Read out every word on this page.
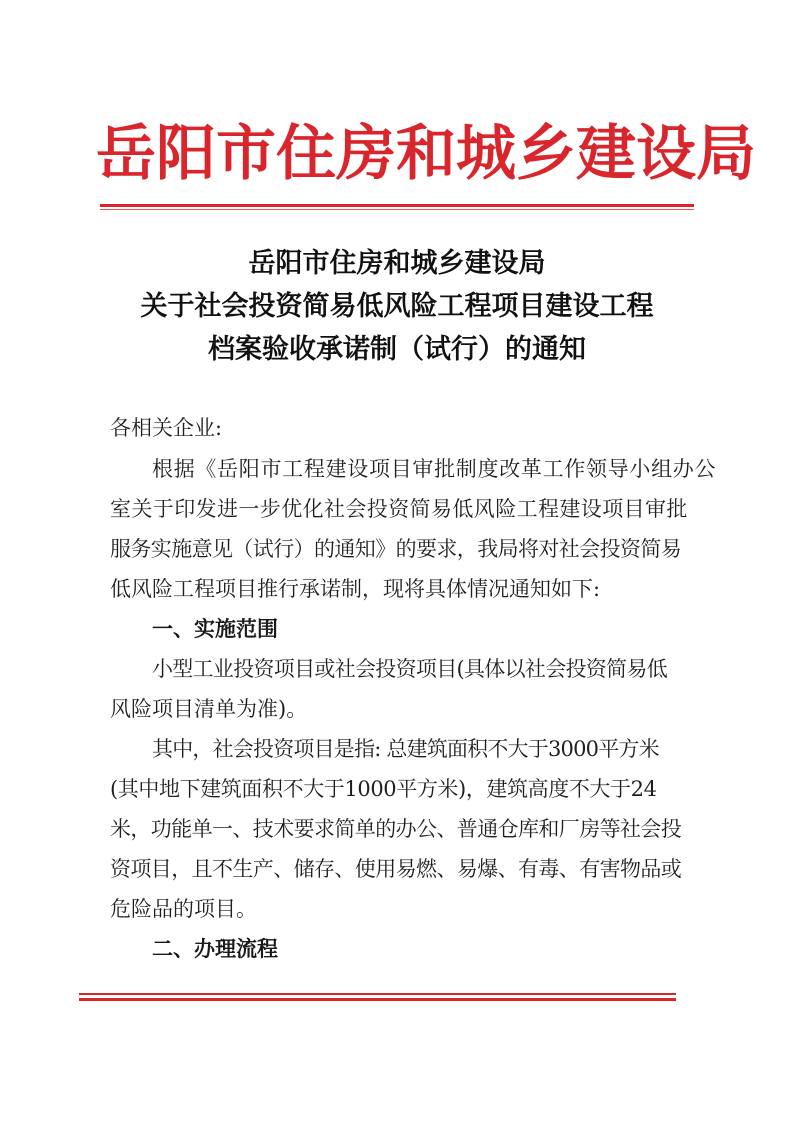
岳阳市住房和城乡建设局
岳阳市住房和城乡建设局
关于社会投资简易低风险工程项目建设工程
档案验收承诺制（试行）的通知

各相关企业:

根据《岳阳市工程建设项目审批制度改革工作领导小组办公

室关于印发进一步优化社会投资简易低风险工程建设项目审批

服务实施意见（试行）的通知》的要求，我局将对社会投资简易

低风险工程项目推行承诺制，现将具体情况通知如下:

一、实施范围

小型工业投资项目或社会投资项目(具体以社会投资简易低

风险项目清单为准)。

其中，社会投资项目是指: 总建筑面积不大于3000平方米

(其中地下建筑面积不大于1000平方米)，建筑高度不大于24

米，功能单一、技术要求简单的办公、普通仓库和厂房等社会投

资项目，且不生产、储存、使用易燃、易爆、有毒、有害物品或

危险品的项目。

二、办理流程
